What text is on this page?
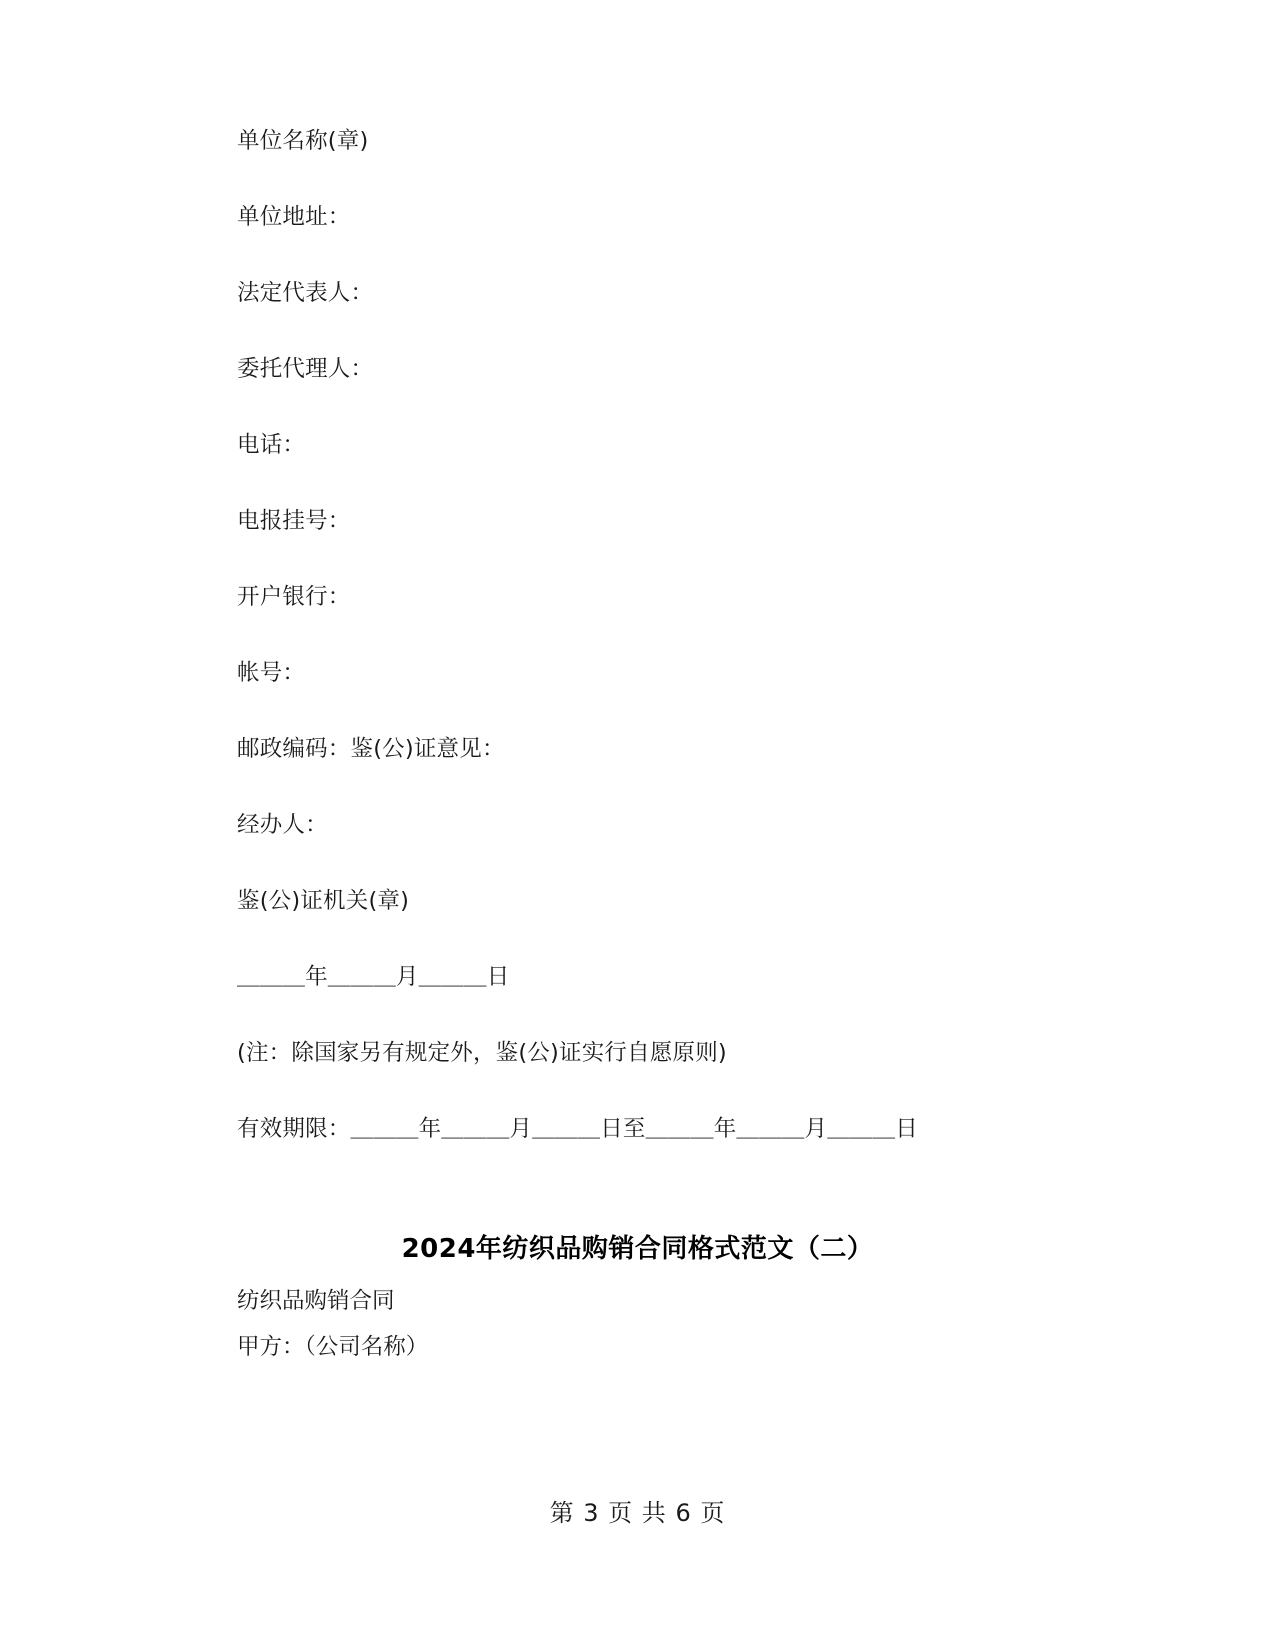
单位名称(章)

单位地址：

法定代表人：

委托代理人：

电话：

电报挂号：

开户银行：

帐号：

邮政编码：鉴(公)证意见：

经办人：

鉴(公)证机关(章)

＿＿＿年＿＿＿月＿＿＿日

(注：除国家另有规定外，鉴(公)证实行自愿原则)

有效期限：＿＿＿年＿＿＿月＿＿＿日至＿＿＿年＿＿＿月＿＿＿日

2024年纺织品购销合同格式范文（二）

纺织品购销合同

甲方：（公司名称）

第 3 页 共 6 页
